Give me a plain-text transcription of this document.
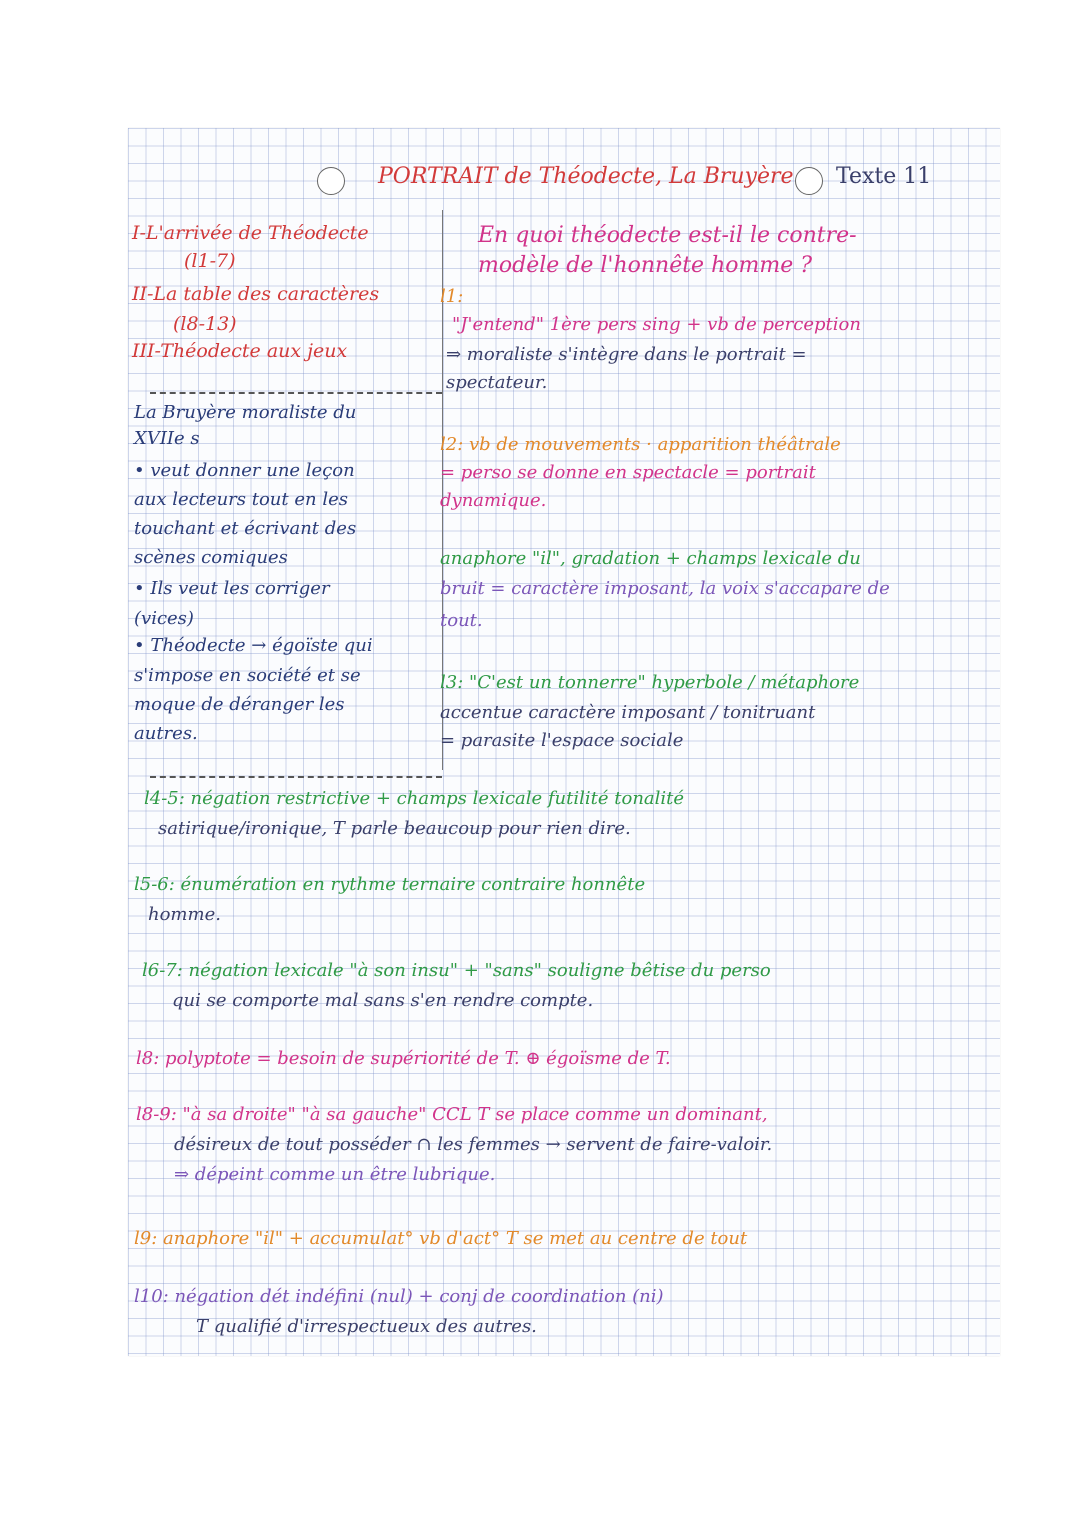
PORTRAIT de Théodecte, La Bruyère Texte 11
I-L'arrivée de Théodecte
(l1-7)
II-La table des caractères
(l8-13)
III-Théodecte aux jeux
En quoi théodecte est-il le contre-
modèle de l'honnête homme ?
La Bruyère moraliste du
XVIIe s
• veut donner une leçon
aux lecteurs tout en les
touchant et écrivant des
scènes comiques
• Ils veut les corriger
(vices)
• Théodecte → égoïste qui
s'impose en société et se
moque de déranger les
autres.
l1:
"J'entend" 1ère pers sing + vb de perception
⇒ moraliste s'intègre dans le portrait =
spectateur.
l2: vb de mouvements · apparition théâtrale
= perso se donne en spectacle = portrait
dynamique.
anaphore "il", gradation + champs lexicale du
bruit = caractère imposant, la voix s'accapare de
tout.
l3: "C'est un tonnerre" hyperbole / métaphore
accentue caractère imposant / tonitruant
= parasite l'espace sociale
l4-5: négation restrictive + champs lexicale futilité tonalité
satirique/ironique, T parle beaucoup pour rien dire.
l5-6: énumération en rythme ternaire contraire honnête
homme.
l6-7: négation lexicale "à son insu" + "sans" souligne bêtise du perso
qui se comporte mal sans s'en rendre compte.
l8: polyptote = besoin de supériorité de T. ⊕ égoïsme de T.
l8-9: "à sa droite" "à sa gauche" CCL T se place comme un dominant,
désireux de tout posséder ∩ les femmes → servent de faire-valoir.
⇒ dépeint comme un être lubrique.
l9: anaphore "il" + accumulat° vb d'act° T se met au centre de tout
l10: négation dét indéfini (nul) + conj de coordination (ni)
T qualifié d'irrespectueux des autres.
